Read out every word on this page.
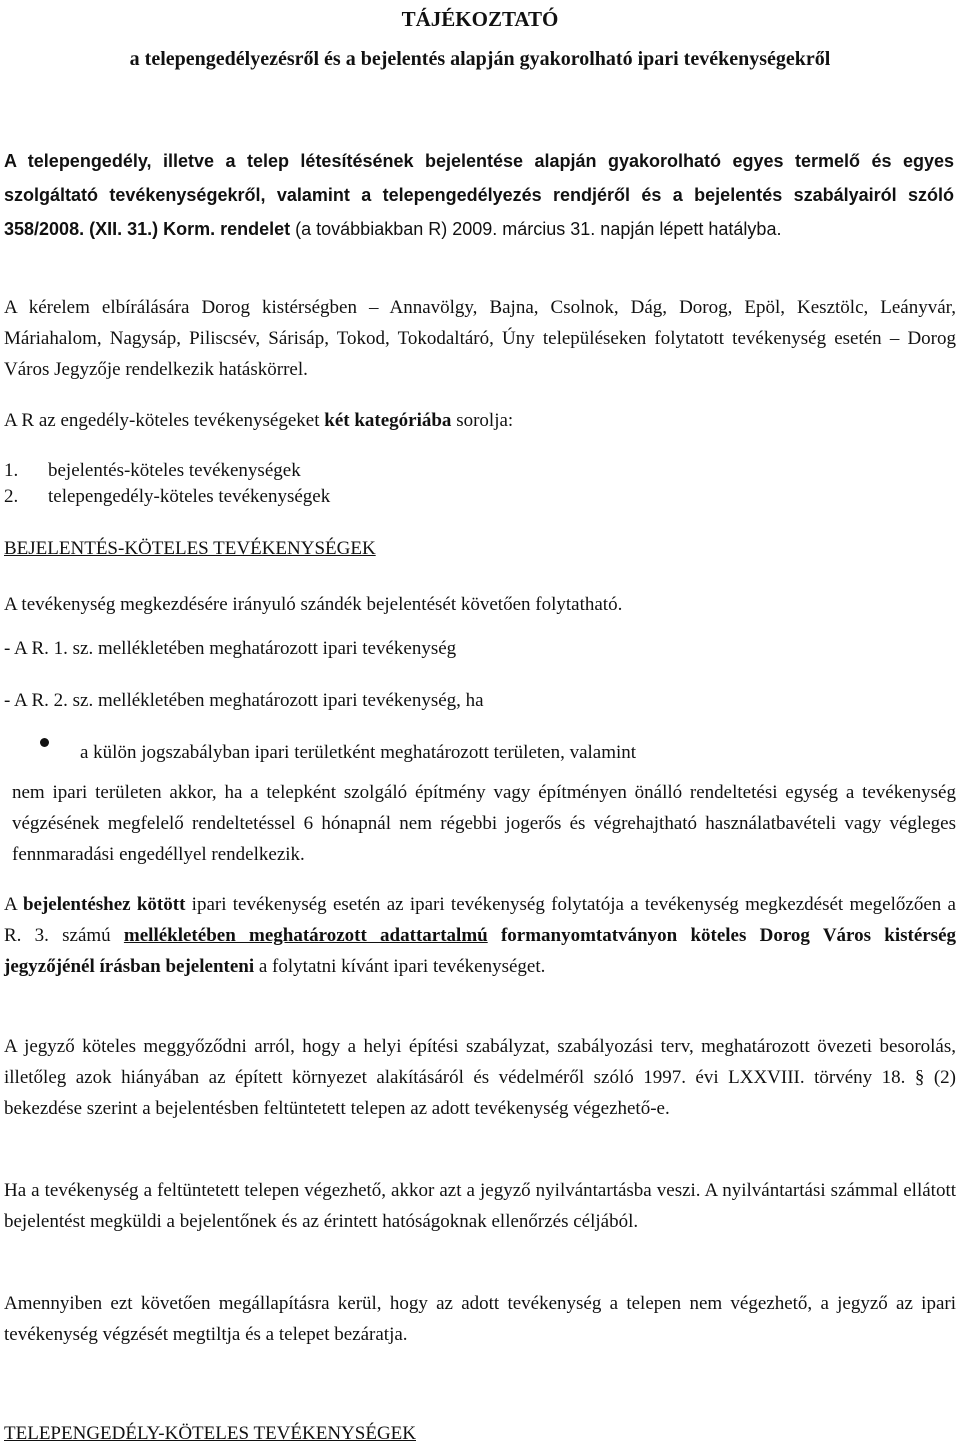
TÁJÉKOZTATÓ
a telepengedélyezésről és a bejelentés alapján gyakorolható ipari tevékenységekről

A telepengedély, illetve a telep létesítésének bejelentése alapján gyakorolható egyes termelő és egyes szolgáltató tevékenységekről, valamint a telepengedélyezés rendjéről és a bejelentés szabályairól szóló 358/2008. (XII. 31.) Korm. rendelet (a továbbiakban R) 2009. március 31. napján lépett hatályba.

A kérelem elbírálására Dorog kistérségben – Annavölgy, Bajna, Csolnok, Dág, Dorog, Epöl, Kesztölc, Leányvár, Máriahalom, Nagysáp, Piliscsév, Sárisáp, Tokod, Tokodaltáró, Úny településeken folytatott tevékenység esetén – Dorog Város Jegyzője rendelkezik hatáskörrel.

A R az engedély-köteles tevékenységeket két kategóriába sorolja:

1. bejelentés-köteles tevékenységek
2. telepengedély-köteles tevékenységek

BEJELENTÉS-KÖTELES TEVÉKENYSÉGEK

A tevékenység megkezdésére irányuló szándék bejelentését követően folytatható.

- A R. 1. sz. mellékletében meghatározott ipari tevékenység

- A R. 2. sz. mellékletében meghatározott ipari tevékenység, ha

a külön jogszabályban ipari területként meghatározott területen, valamint

nem ipari területen akkor, ha a telepként szolgáló építmény vagy építményen önálló rendeltetési egység a tevékenység végzésének megfelelő rendeltetéssel 6 hónapnál nem régebbi jogerős és végrehajtható használatbavételi vagy végleges fennmaradási engedéllyel rendelkezik.

A bejelentéshez kötött ipari tevékenység esetén az ipari tevékenység folytatója a tevékenység megkezdését megelőzően a R. 3. számú mellékletében meghatározott adattartalmú formanyomtatványon köteles Dorog Város kistérség jegyzőjénél írásban bejelenteni a folytatni kívánt ipari tevékenységet.

A jegyző köteles meggyőződni arról, hogy a helyi építési szabályzat, szabályozási terv, meghatározott övezeti besorolás, illetőleg azok hiányában az épített környezet alakításáról és védelméről szóló 1997. évi LXXVIII. törvény 18. § (2) bekezdése szerint a bejelentésben feltüntetett telepen az adott tevékenység végezhető-e.

Ha a tevékenység a feltüntetett telepen végezhető, akkor azt a jegyző nyilvántartásba veszi. A nyilvántartási számmal ellátott bejelentést megküldi a bejelentőnek és az érintett hatóságoknak ellenőrzés céljából.

Amennyiben ezt követően megállapításra kerül, hogy az adott tevékenység a telepen nem végezhető, a jegyző az ipari tevékenység végzését megtiltja és a telepet bezáratja.

TELEPENGEDÉLY-KÖTELES TEVÉKENYSÉGEK
